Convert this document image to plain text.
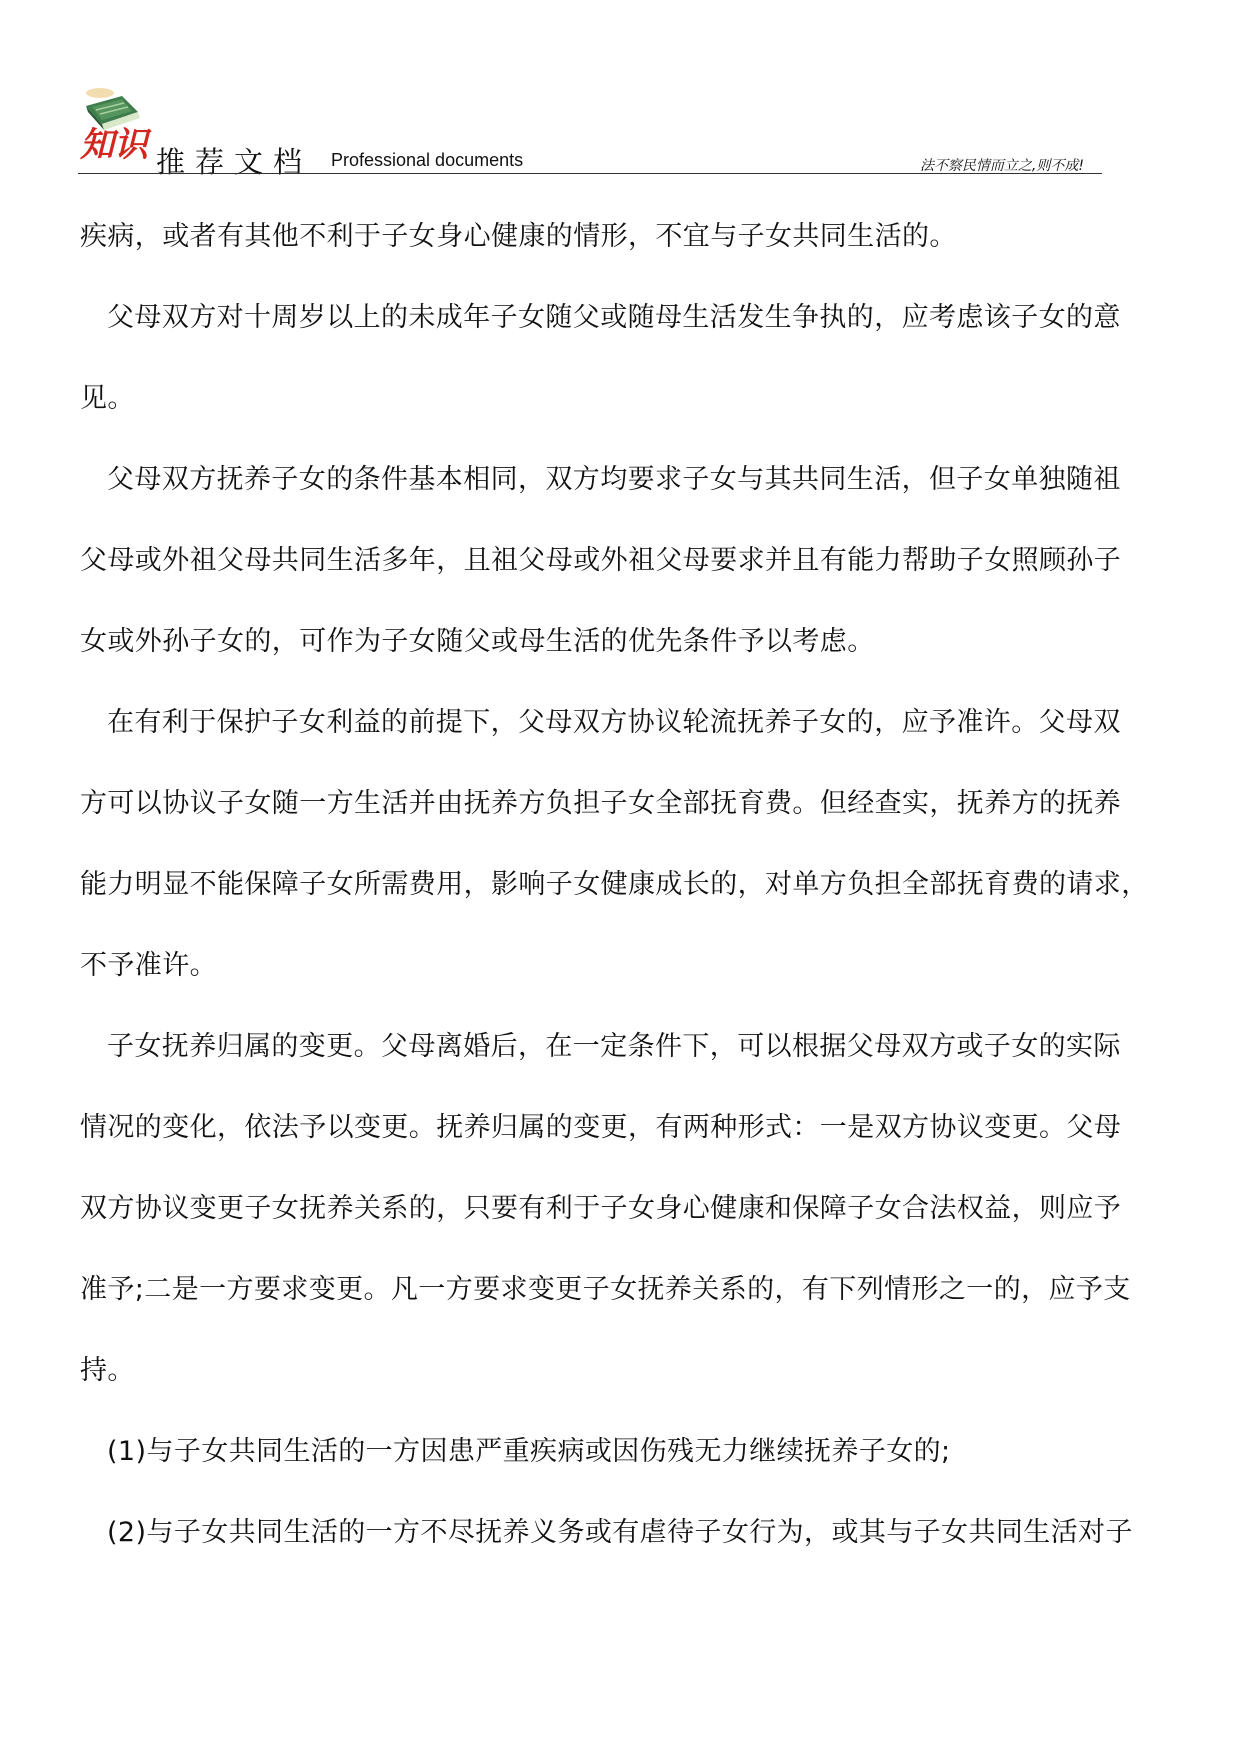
知识 推荐文档 Professional documents	法不察民情而立之,则不成!

疾病，或者有其他不利于子女身心健康的情形，不宜与子女共同生活的。

父母双方对十周岁以上的未成年子女随父或随母生活发生争执的，应考虑该子女的意

见。

父母双方抚养子女的条件基本相同，双方均要求子女与其共同生活，但子女单独随祖

父母或外祖父母共同生活多年，且祖父母或外祖父母要求并且有能力帮助子女照顾孙子

女或外孙子女的，可作为子女随父或母生活的优先条件予以考虑。

在有利于保护子女利益的前提下，父母双方协议轮流抚养子女的，应予准许。父母双

方可以协议子女随一方生活并由抚养方负担子女全部抚育费。但经查实，抚养方的抚养

能力明显不能保障子女所需费用，影响子女健康成长的，对单方负担全部抚育费的请求，

不予准许。

子女抚养归属的变更。父母离婚后，在一定条件下，可以根据父母双方或子女的实际

情况的变化，依法予以变更。抚养归属的变更，有两种形式：一是双方协议变更。父母

双方协议变更子女抚养关系的，只要有利于子女身心健康和保障子女合法权益，则应予

准予;二是一方要求变更。凡一方要求变更子女抚养关系的，有下列情形之一的，应予支

持。

(1)与子女共同生活的一方因患严重疾病或因伤残无力继续抚养子女的;

(2)与子女共同生活的一方不尽抚养义务或有虐待子女行为，或其与子女共同生活对子
